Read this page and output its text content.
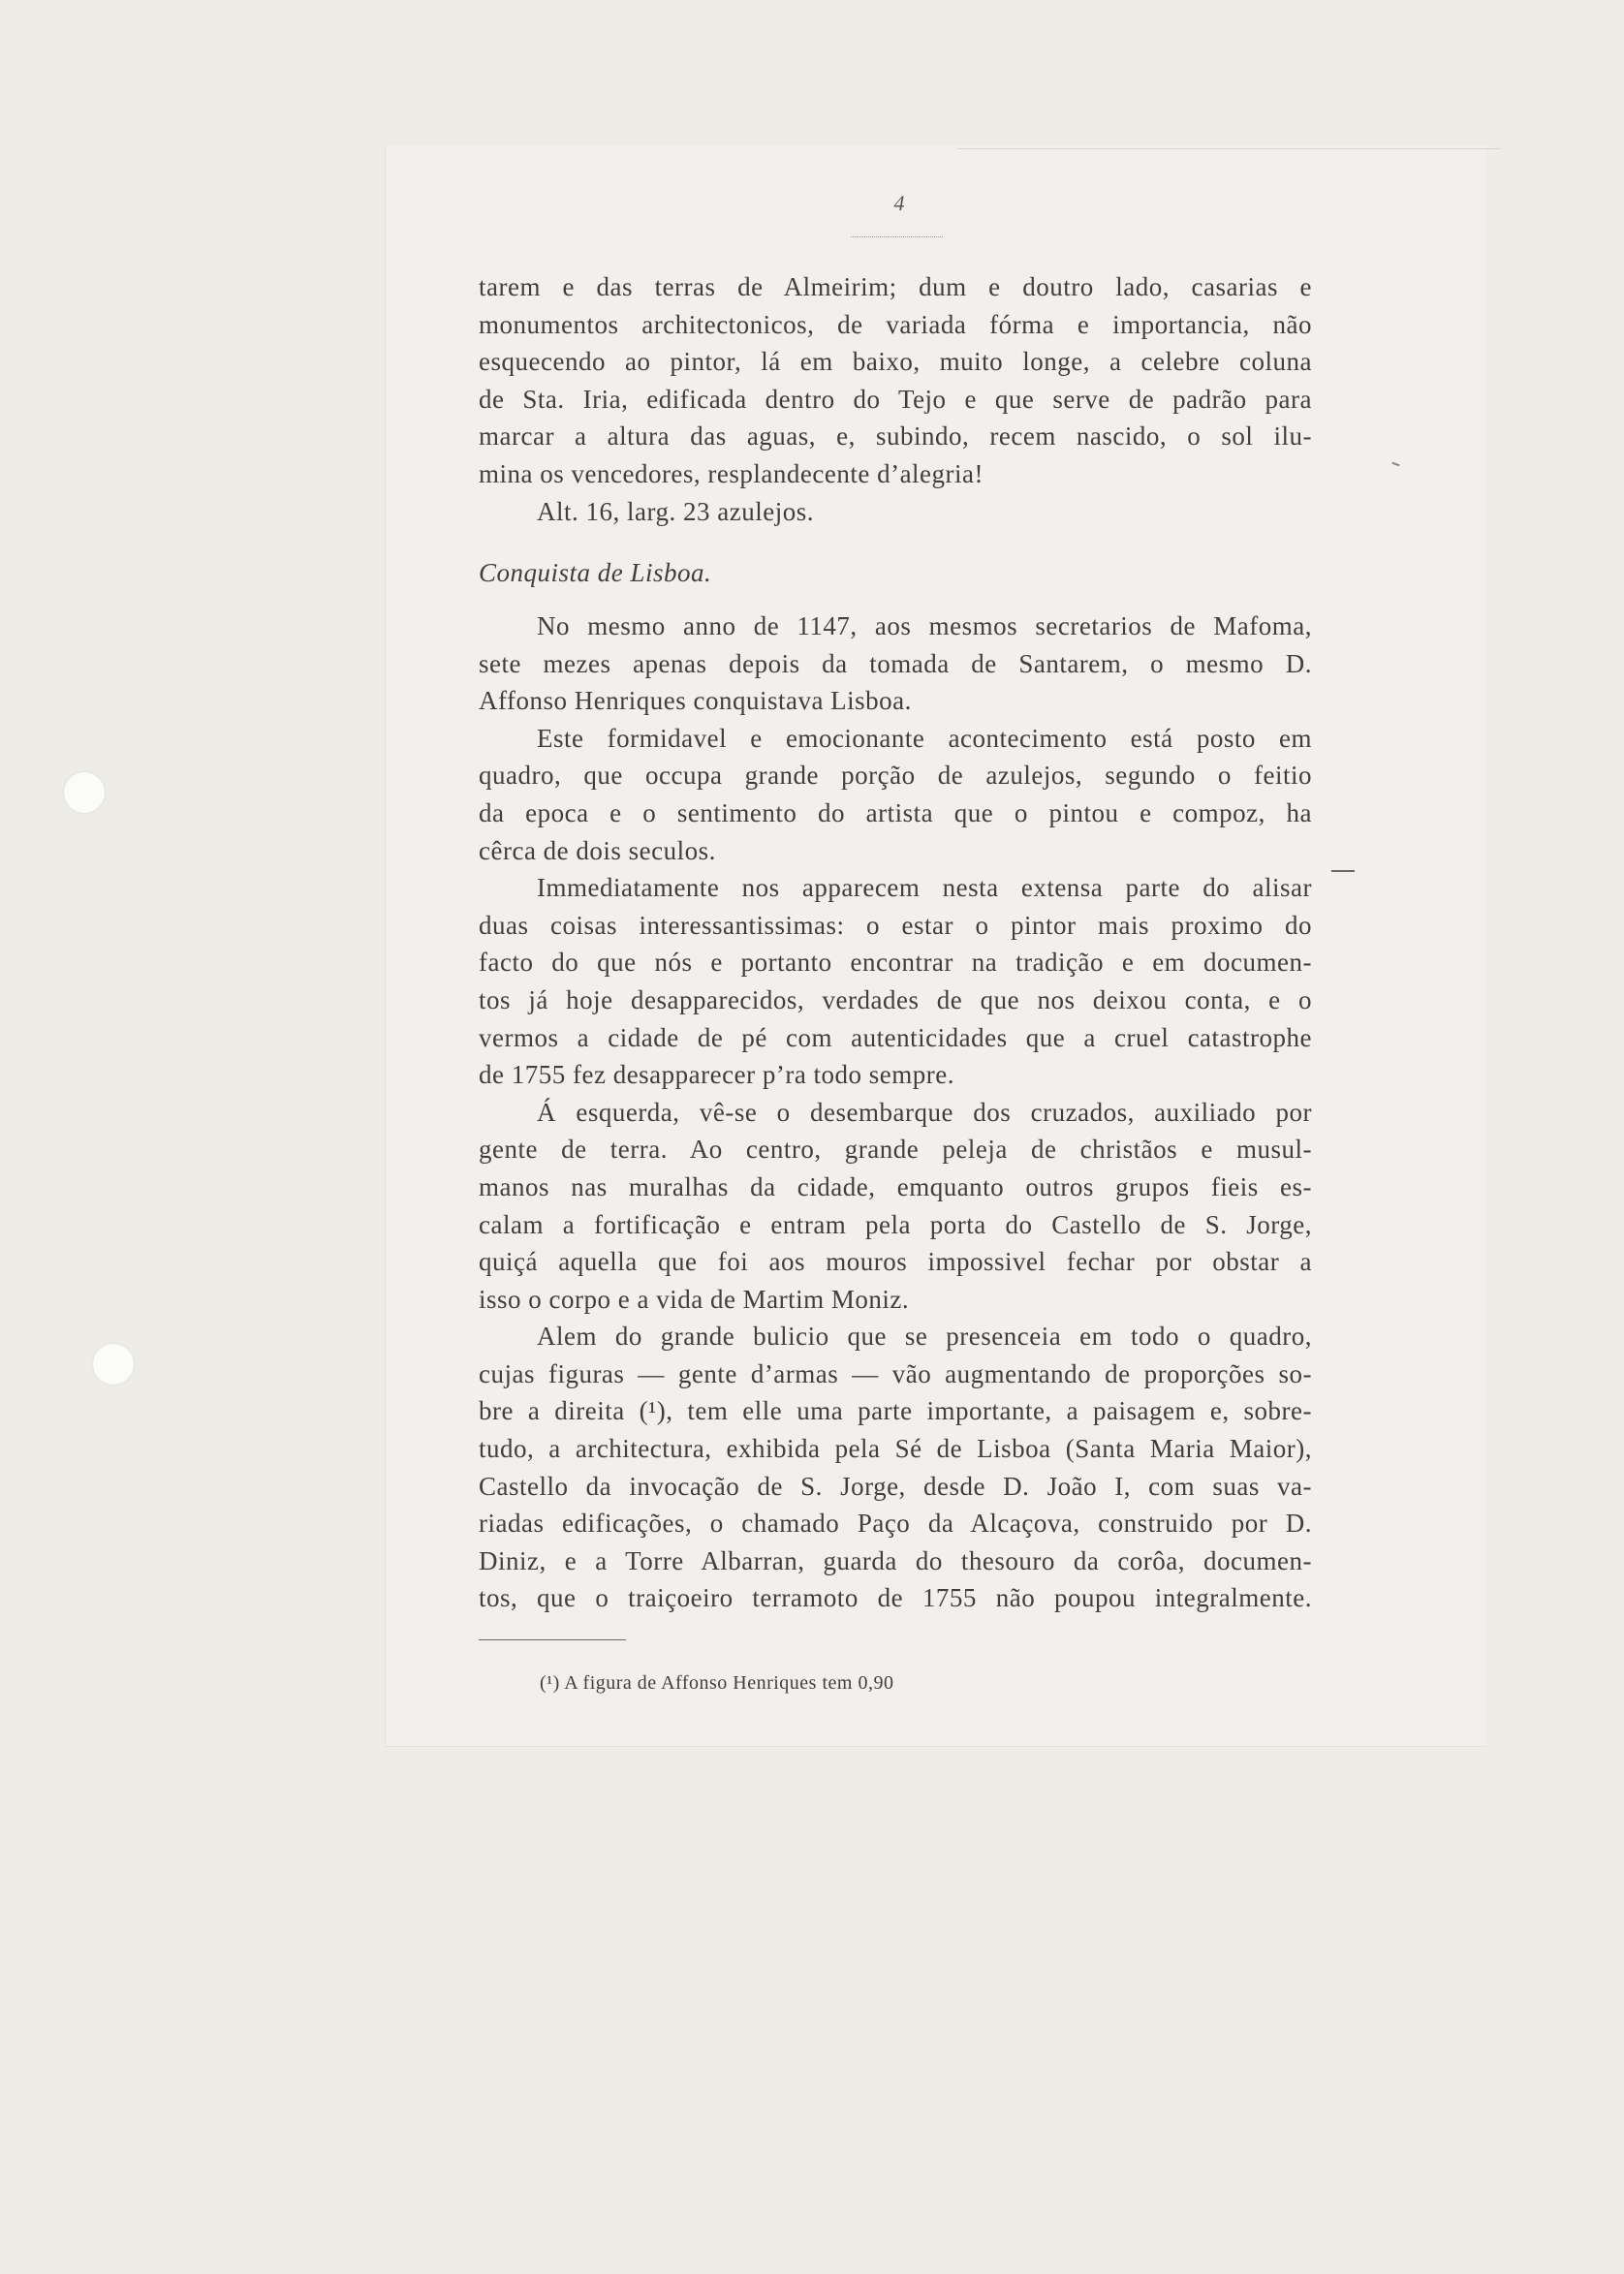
4
tarem e das terras de Almeirim; dum e doutro lado, casarias e
monumentos architectonicos, de variada fórma e importancia, não
esquecendo ao pintor, lá em baixo, muito longe, a celebre coluna
de Sta. Iria, edificada dentro do Tejo e que serve de padrão para
marcar a altura das aguas, e, subindo, recem nascido, o sol ilu-
mina os vencedores, resplandecente d’alegria!
Alt. 16, larg. 23 azulejos.
Conquista de Lisboa.
No mesmo anno de 1147, aos mesmos secretarios de Mafoma,
sete mezes apenas depois da tomada de Santarem, o mesmo D.
Affonso Henriques conquistava Lisboa.
Este formidavel e emocionante acontecimento está posto em
quadro, que occupa grande porção de azulejos, segundo o feitio
da epoca e o sentimento do artista que o pintou e compoz, ha
cêrca de dois seculos.
Immediatamente nos apparecem nesta extensa parte do alisar
duas coisas interessantissimas: o estar o pintor mais proximo do
facto do que nós e portanto encontrar na tradição e em documen-
tos já hoje desapparecidos, verdades de que nos deixou conta, e o
vermos a cidade de pé com autenticidades que a cruel catastrophe
de 1755 fez desapparecer p’ra todo sempre.
Á esquerda, vê-se o desembarque dos cruzados, auxiliado por
gente de terra. Ao centro, grande peleja de christãos e musul-
manos nas muralhas da cidade, emquanto outros grupos fieis es-
calam a fortificação e entram pela porta do Castello de S. Jorge,
quiçá aquella que foi aos mouros impossivel fechar por obstar a
isso o corpo e a vida de Martim Moniz.
Alem do grande bulicio que se presenceia em todo o quadro,
cujas figuras — gente d’armas — vão augmentando de proporções so-
bre a direita (¹), tem elle uma parte importante, a paisagem e, sobre-
tudo, a architectura, exhibida pela Sé de Lisboa (Santa Maria Maior),
Castello da invocação de S. Jorge, desde D. João I, com suas va-
riadas edificações, o chamado Paço da Alcaçova, construido por D.
Diniz, e a Torre Albarran, guarda do thesouro da corôa, documen-
tos, que o traiçoeiro terramoto de 1755 não poupou integralmente.
(¹) A figura de Affonso Henriques tem 0,90
